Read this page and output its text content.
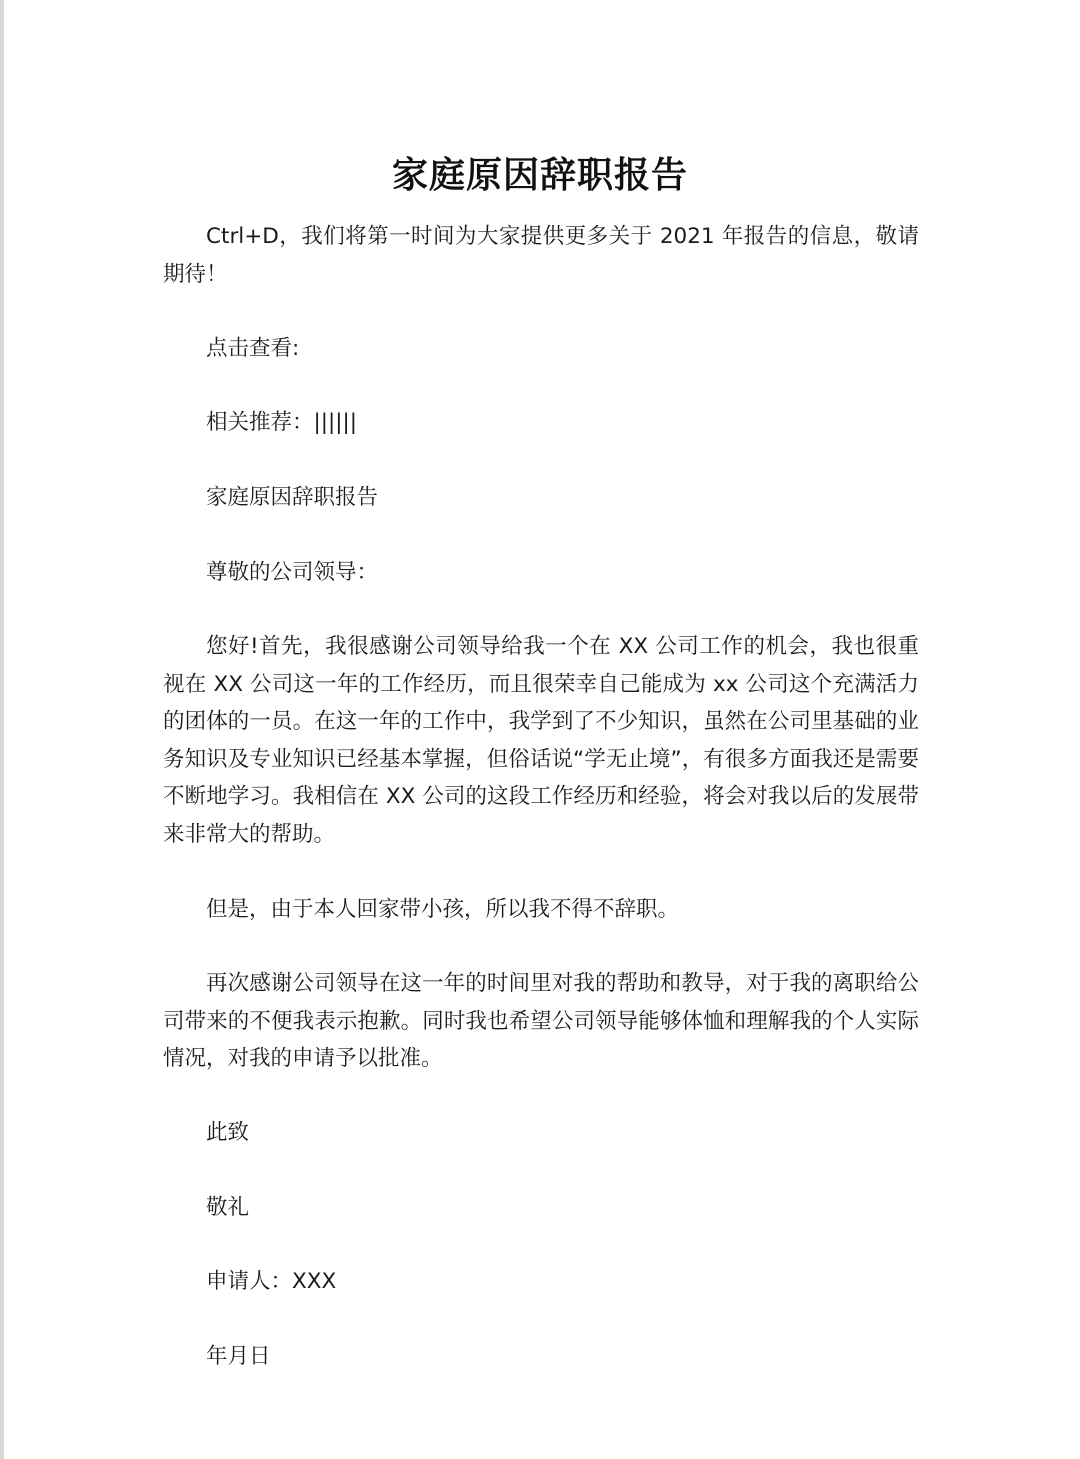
家庭原因辞职报告

Ctrl+D，我们将第一时间为大家提供更多关于 2021 年报告的信息，敬请期待！

点击查看:

相关推荐：||||||

家庭原因辞职报告

尊敬的公司领导：

您好!首先，我很感谢公司领导给我一个在 XX 公司工作的机会，我也很重视在 XX 公司这一年的工作经历，而且很荣幸自己能成为 xx 公司这个充满活力的团体的一员。在这一年的工作中，我学到了不少知识，虽然在公司里基础的业务知识及专业知识已经基本掌握，但俗话说“学无止境”，有很多方面我还是需要不断地学习。我相信在 XX 公司的这段工作经历和经验，将会对我以后的发展带来非常大的帮助。

但是，由于本人回家带小孩，所以我不得不辞职。

再次感谢公司领导在这一年的时间里对我的帮助和教导，对于我的离职给公司带来的不便我表示抱歉。同时我也希望公司领导能够体恤和理解我的个人实际情况，对我的申请予以批准。

此致

敬礼

申请人：XXX

年月日
